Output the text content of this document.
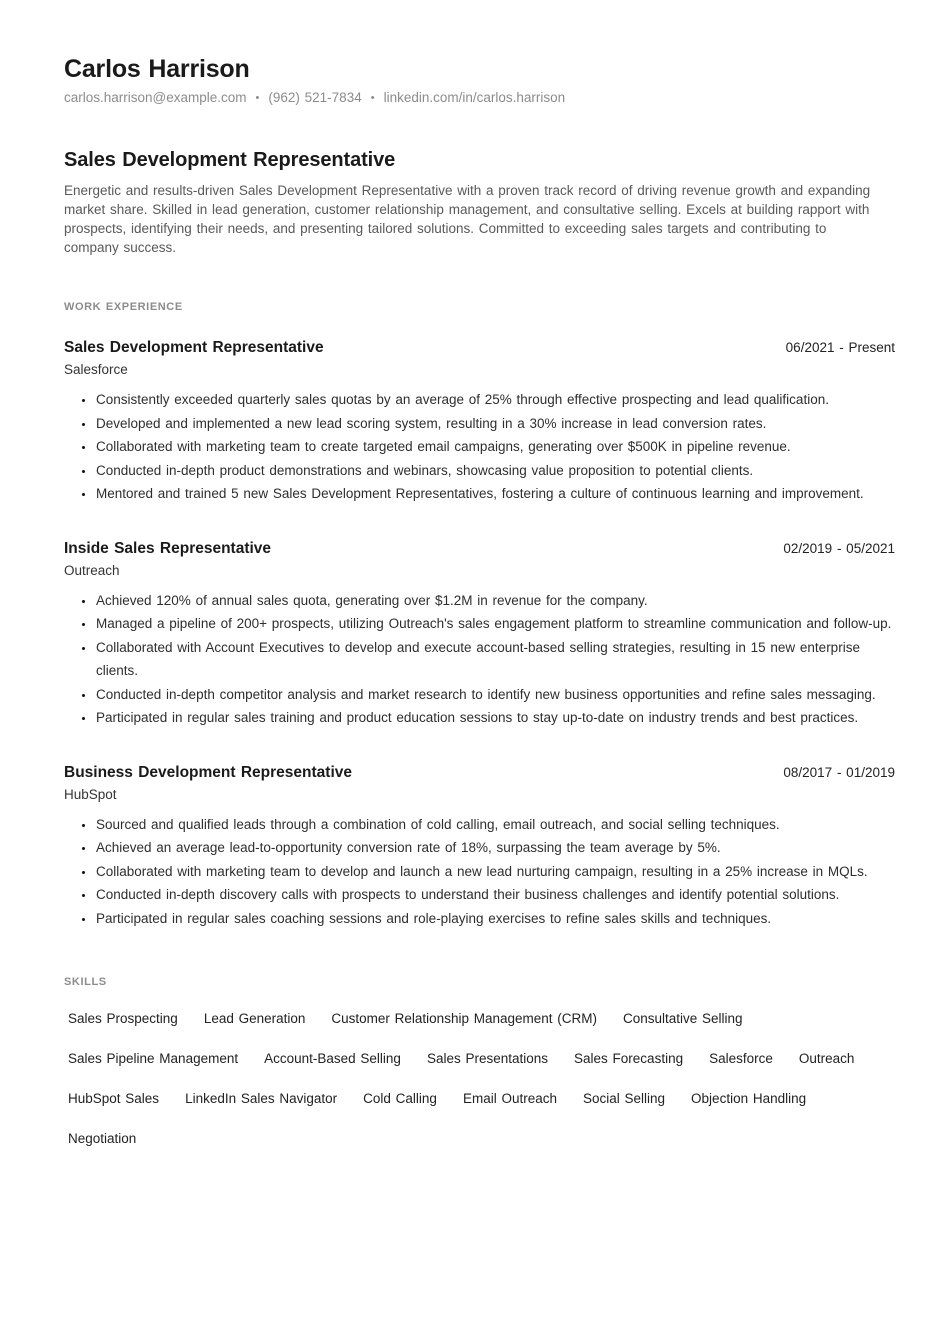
Carlos Harrison
carlos.harrison@example.com • (962) 521-7834 • linkedin.com/in/carlos.harrison
Sales Development Representative

Energetic and results-driven Sales Development Representative with a proven track record of driving revenue growth and expanding market share. Skilled in lead generation, customer relationship management, and consultative selling. Excels at building rapport with prospects, identifying their needs, and presenting tailored solutions. Committed to exceeding sales targets and contributing to company success.

WORK EXPERIENCE
Sales Development Representative	06/2021 - Present
Salesforce
• Consistently exceeded quarterly sales quotas by an average of 25% through effective prospecting and lead qualification.
• Developed and implemented a new lead scoring system, resulting in a 30% increase in lead conversion rates.
• Collaborated with marketing team to create targeted email campaigns, generating over $500K in pipeline revenue.
• Conducted in-depth product demonstrations and webinars, showcasing value proposition to potential clients.
• Mentored and trained 5 new Sales Development Representatives, fostering a culture of continuous learning and improvement.
Inside Sales Representative	02/2019 - 05/2021
Outreach
• Achieved 120% of annual sales quota, generating over $1.2M in revenue for the company.
• Managed a pipeline of 200+ prospects, utilizing Outreach's sales engagement platform to streamline communication and follow-up.
• Collaborated with Account Executives to develop and execute account-based selling strategies, resulting in 15 new enterprise clients.
• Conducted in-depth competitor analysis and market research to identify new business opportunities and refine sales messaging.
• Participated in regular sales training and product education sessions to stay up-to-date on industry trends and best practices.
Business Development Representative	08/2017 - 01/2019
HubSpot
• Sourced and qualified leads through a combination of cold calling, email outreach, and social selling techniques.
• Achieved an average lead-to-opportunity conversion rate of 18%, surpassing the team average by 5%.
• Collaborated with marketing team to develop and launch a new lead nurturing campaign, resulting in a 25% increase in MQLs.
• Conducted in-depth discovery calls with prospects to understand their business challenges and identify potential solutions.
• Participated in regular sales coaching sessions and role-playing exercises to refine sales skills and techniques.
SKILLS
Sales Prospecting Lead Generation Customer Relationship Management (CRM) Consultative Selling
Sales Pipeline Management Account-Based Selling Sales Presentations Sales Forecasting Salesforce Outreach
HubSpot Sales LinkedIn Sales Navigator Cold Calling Email Outreach Social Selling Objection Handling
Negotiation
